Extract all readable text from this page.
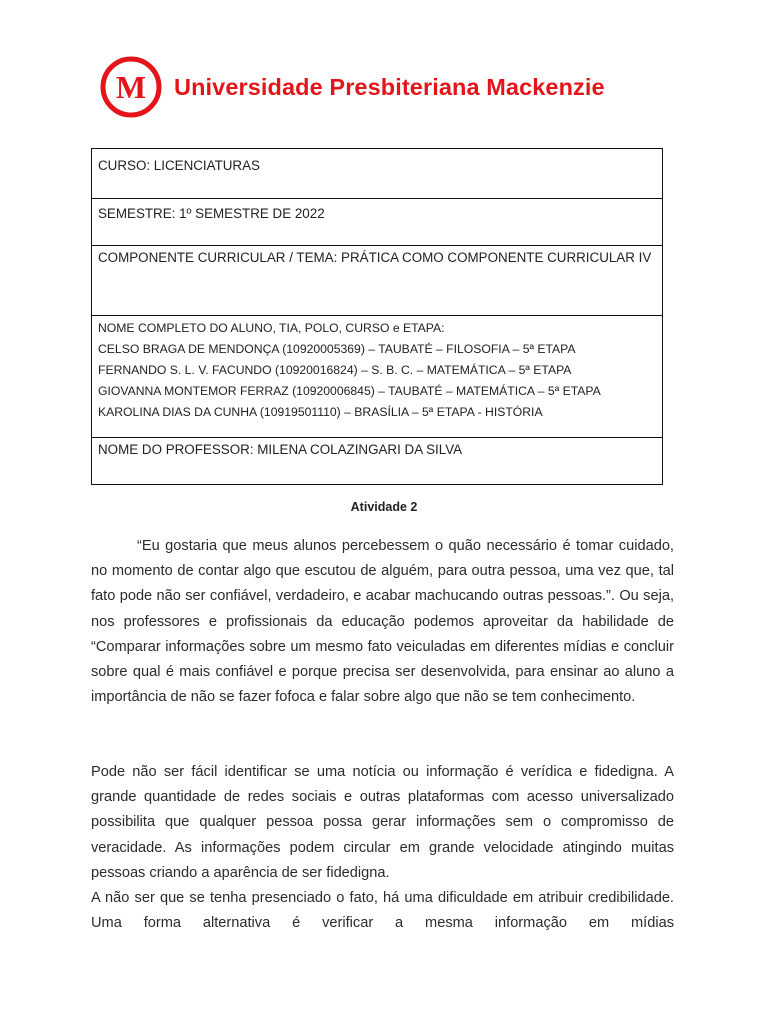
M Universidade Presbiteriana Mackenzie
CURSO: LICENCIATURAS
SEMESTRE: 1º SEMESTRE DE 2022
COMPONENTE CURRICULAR / TEMA: PRÁTICA COMO COMPONENTE CURRICULAR IV
NOME COMPLETO DO ALUNO, TIA, POLO, CURSO e ETAPA:
CELSO BRAGA DE MENDONÇA (10920005369) – TAUBATÉ – FILOSOFIA – 5ª ETAPA
FERNANDO S. L. V. FACUNDO (10920016824) – S. B. C. – MATEMÁTICA – 5ª ETAPA
GIOVANNA MONTEMOR FERRAZ (10920006845) – TAUBATÉ – MATEMÁTICA – 5ª ETAPA
KAROLINA DIAS DA CUNHA (10919501110) – BRASÍLIA – 5ª ETAPA - HISTÓRIA
NOME DO PROFESSOR: MILENA COLAZINGARI DA SILVA
Atividade 2
“Eu gostaria que meus alunos percebessem o quão necessário é tomar cuidado, no momento de contar algo que escutou de alguém, para outra pessoa, uma vez que, tal fato pode não ser confiável, verdadeiro, e acabar machucando outras pessoas.”. Ou seja, nos professores e profissionais da educação podemos aproveitar da habilidade de “Comparar informações sobre um mesmo fato veiculadas em diferentes mídias e concluir sobre qual é mais confiável e porque precisa ser desenvolvida, para ensinar ao aluno a importância de não se fazer fofoca e falar sobre algo que não se tem conhecimento.

Pode não ser fácil identificar se uma notícia ou informação é verídica e fidedigna. A grande quantidade de redes sociais e outras plataformas com acesso universalizado possibilita que qualquer pessoa possa gerar informações sem o compromisso de veracidade. As informações podem circular em grande velocidade atingindo muitas pessoas criando a aparência de ser fidedigna.

A não ser que se tenha presenciado o fato, há uma dificuldade em atribuir credibilidade. Uma forma alternativa é verificar a mesma informação em mídias
